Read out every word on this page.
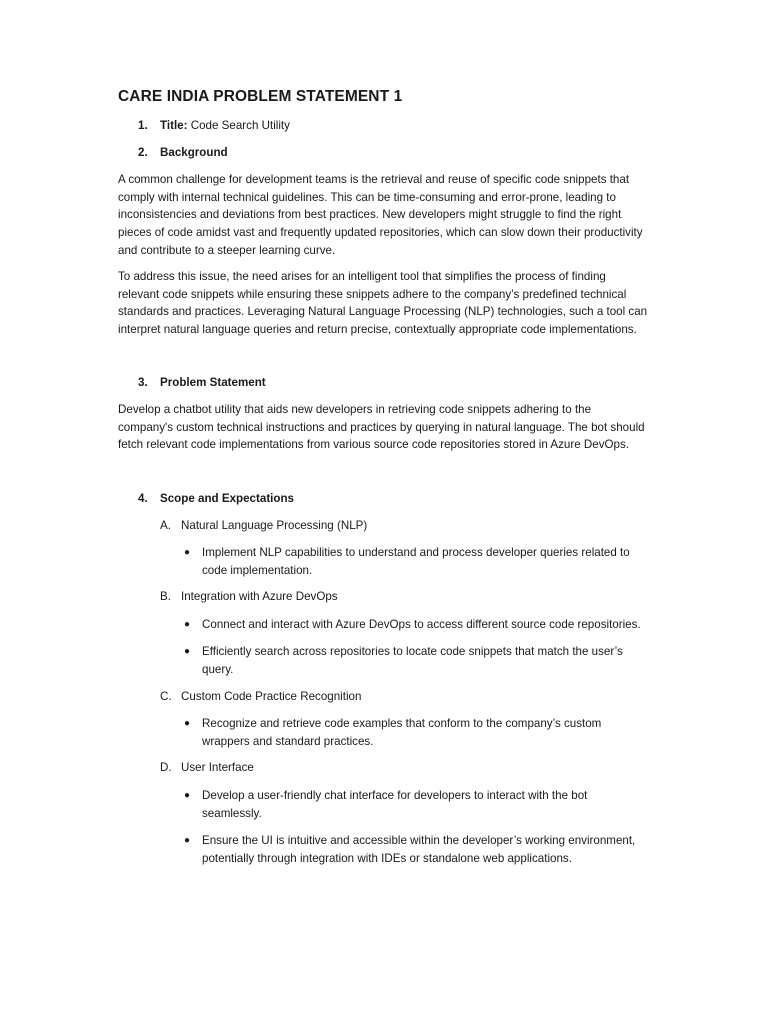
CARE INDIA PROBLEM STATEMENT 1

1. Title: Code Search Utility

2. Background

A common challenge for development teams is the retrieval and reuse of specific code snippets that comply with internal technical guidelines. This can be time-consuming and error-prone, leading to inconsistencies and deviations from best practices. New developers might struggle to find the right pieces of code amidst vast and frequently updated repositories, which can slow down their productivity and contribute to a steeper learning curve.

To address this issue, the need arises for an intelligent tool that simplifies the process of finding relevant code snippets while ensuring these snippets adhere to the company’s predefined technical standards and practices. Leveraging Natural Language Processing (NLP) technologies, such a tool can interpret natural language queries and return precise, contextually appropriate code implementations.

3. Problem Statement

Develop a chatbot utility that aids new developers in retrieving code snippets adhering to the company's custom technical instructions and practices by querying in natural language. The bot should fetch relevant code implementations from various source code repositories stored in Azure DevOps.

4. Scope and Expectations

A. Natural Language Processing (NLP)

● Implement NLP capabilities to understand and process developer queries related to code implementation.

B. Integration with Azure DevOps

● Connect and interact with Azure DevOps to access different source code repositories.

● Efficiently search across repositories to locate code snippets that match the user’s query.

C. Custom Code Practice Recognition

● Recognize and retrieve code examples that conform to the company’s custom wrappers and standard practices.

D. User Interface

● Develop a user-friendly chat interface for developers to interact with the bot seamlessly.

● Ensure the UI is intuitive and accessible within the developer’s working environment, potentially through integration with IDEs or standalone web applications.
